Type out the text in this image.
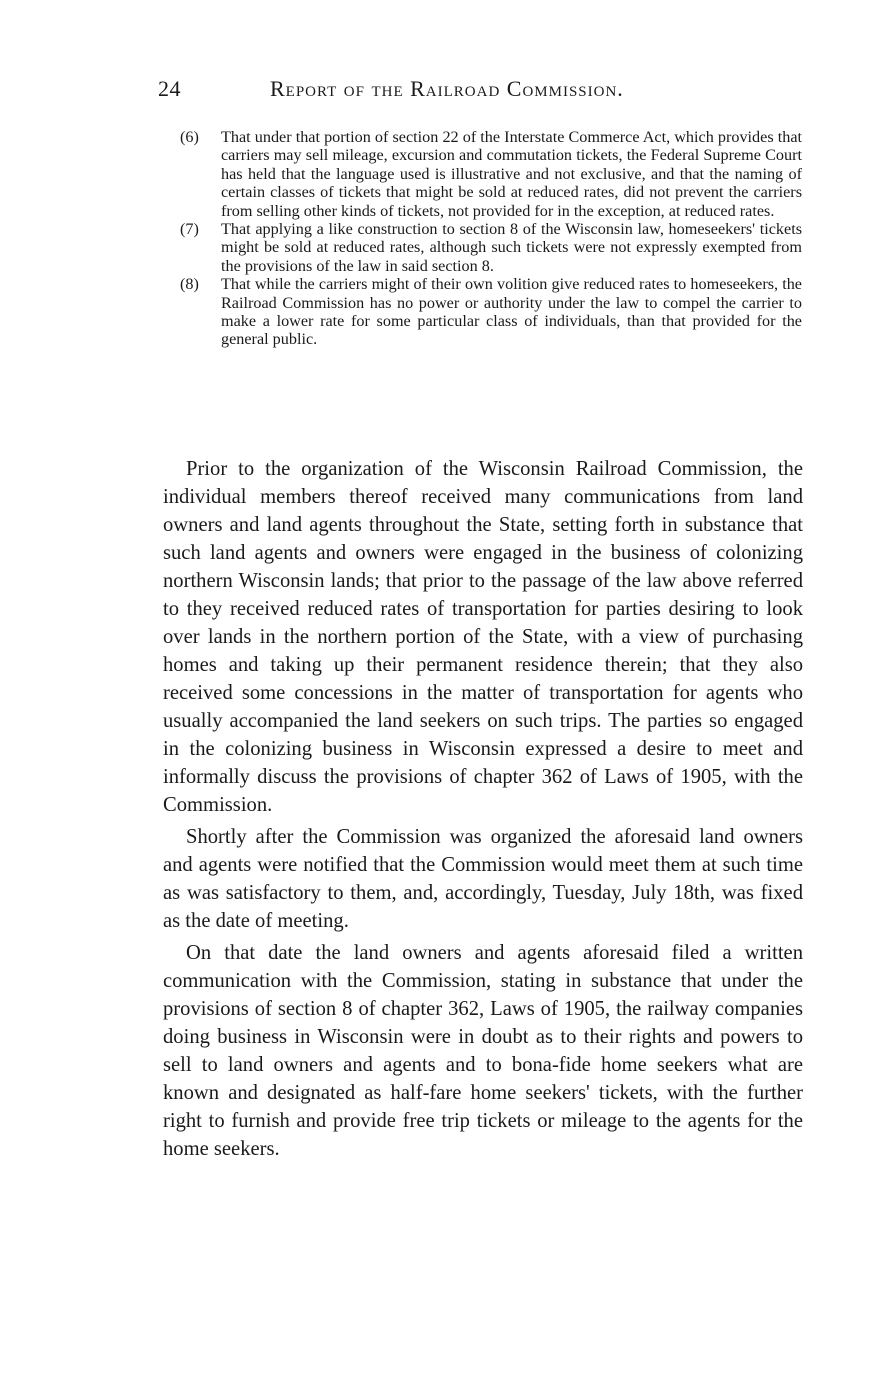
24	Report of the Railroad Commission.
(6) That under that portion of section 22 of the Interstate Commerce Act, which provides that carriers may sell mileage, excursion and commutation tickets, the Federal Supreme Court has held that the language used is illustrative and not exclusive, and that the naming of certain classes of tickets that might be sold at reduced rates, did not prevent the carriers from selling other kinds of tickets, not provided for in the exception, at reduced rates.
(7) That applying a like construction to section 8 of the Wisconsin law, homeseekers' tickets might be sold at reduced rates, although such tickets were not expressly exempted from the provisions of the law in said section 8.
(8) That while the carriers might of their own volition give reduced rates to homeseekers, the Railroad Commission has no power or authority under the law to compel the carrier to make a lower rate for some particular class of individuals, than that provided for the general public.

Prior to the organization of the Wisconsin Railroad Commission, the individual members thereof received many communications from land owners and land agents throughout the State, setting forth in substance that such land agents and owners were engaged in the business of colonizing northern Wisconsin lands; that prior to the passage of the law above referred to they received reduced rates of transportation for parties desiring to look over lands in the northern portion of the State, with a view of purchasing homes and taking up their permanent residence therein; that they also received some concessions in the matter of transportation for agents who usually accompanied the land seekers on such trips. The parties so engaged in the colonizing business in Wisconsin expressed a desire to meet and informally discuss the provisions of chapter 362 of Laws of 1905, with the Commission.

Shortly after the Commission was organized the aforesaid land owners and agents were notified that the Commission would meet them at such time as was satisfactory to them, and, accordingly, Tuesday, July 18th, was fixed as the date of meeting.

On that date the land owners and agents aforesaid filed a written communication with the Commission, stating in substance that under the provisions of section 8 of chapter 362, Laws of 1905, the railway companies doing business in Wisconsin were in doubt as to their rights and powers to sell to land owners and agents and to bona-fide home seekers what are known and designated as half-fare home seekers' tickets, with the further right to furnish and provide free trip tickets or mileage to the agents for the home seekers.
